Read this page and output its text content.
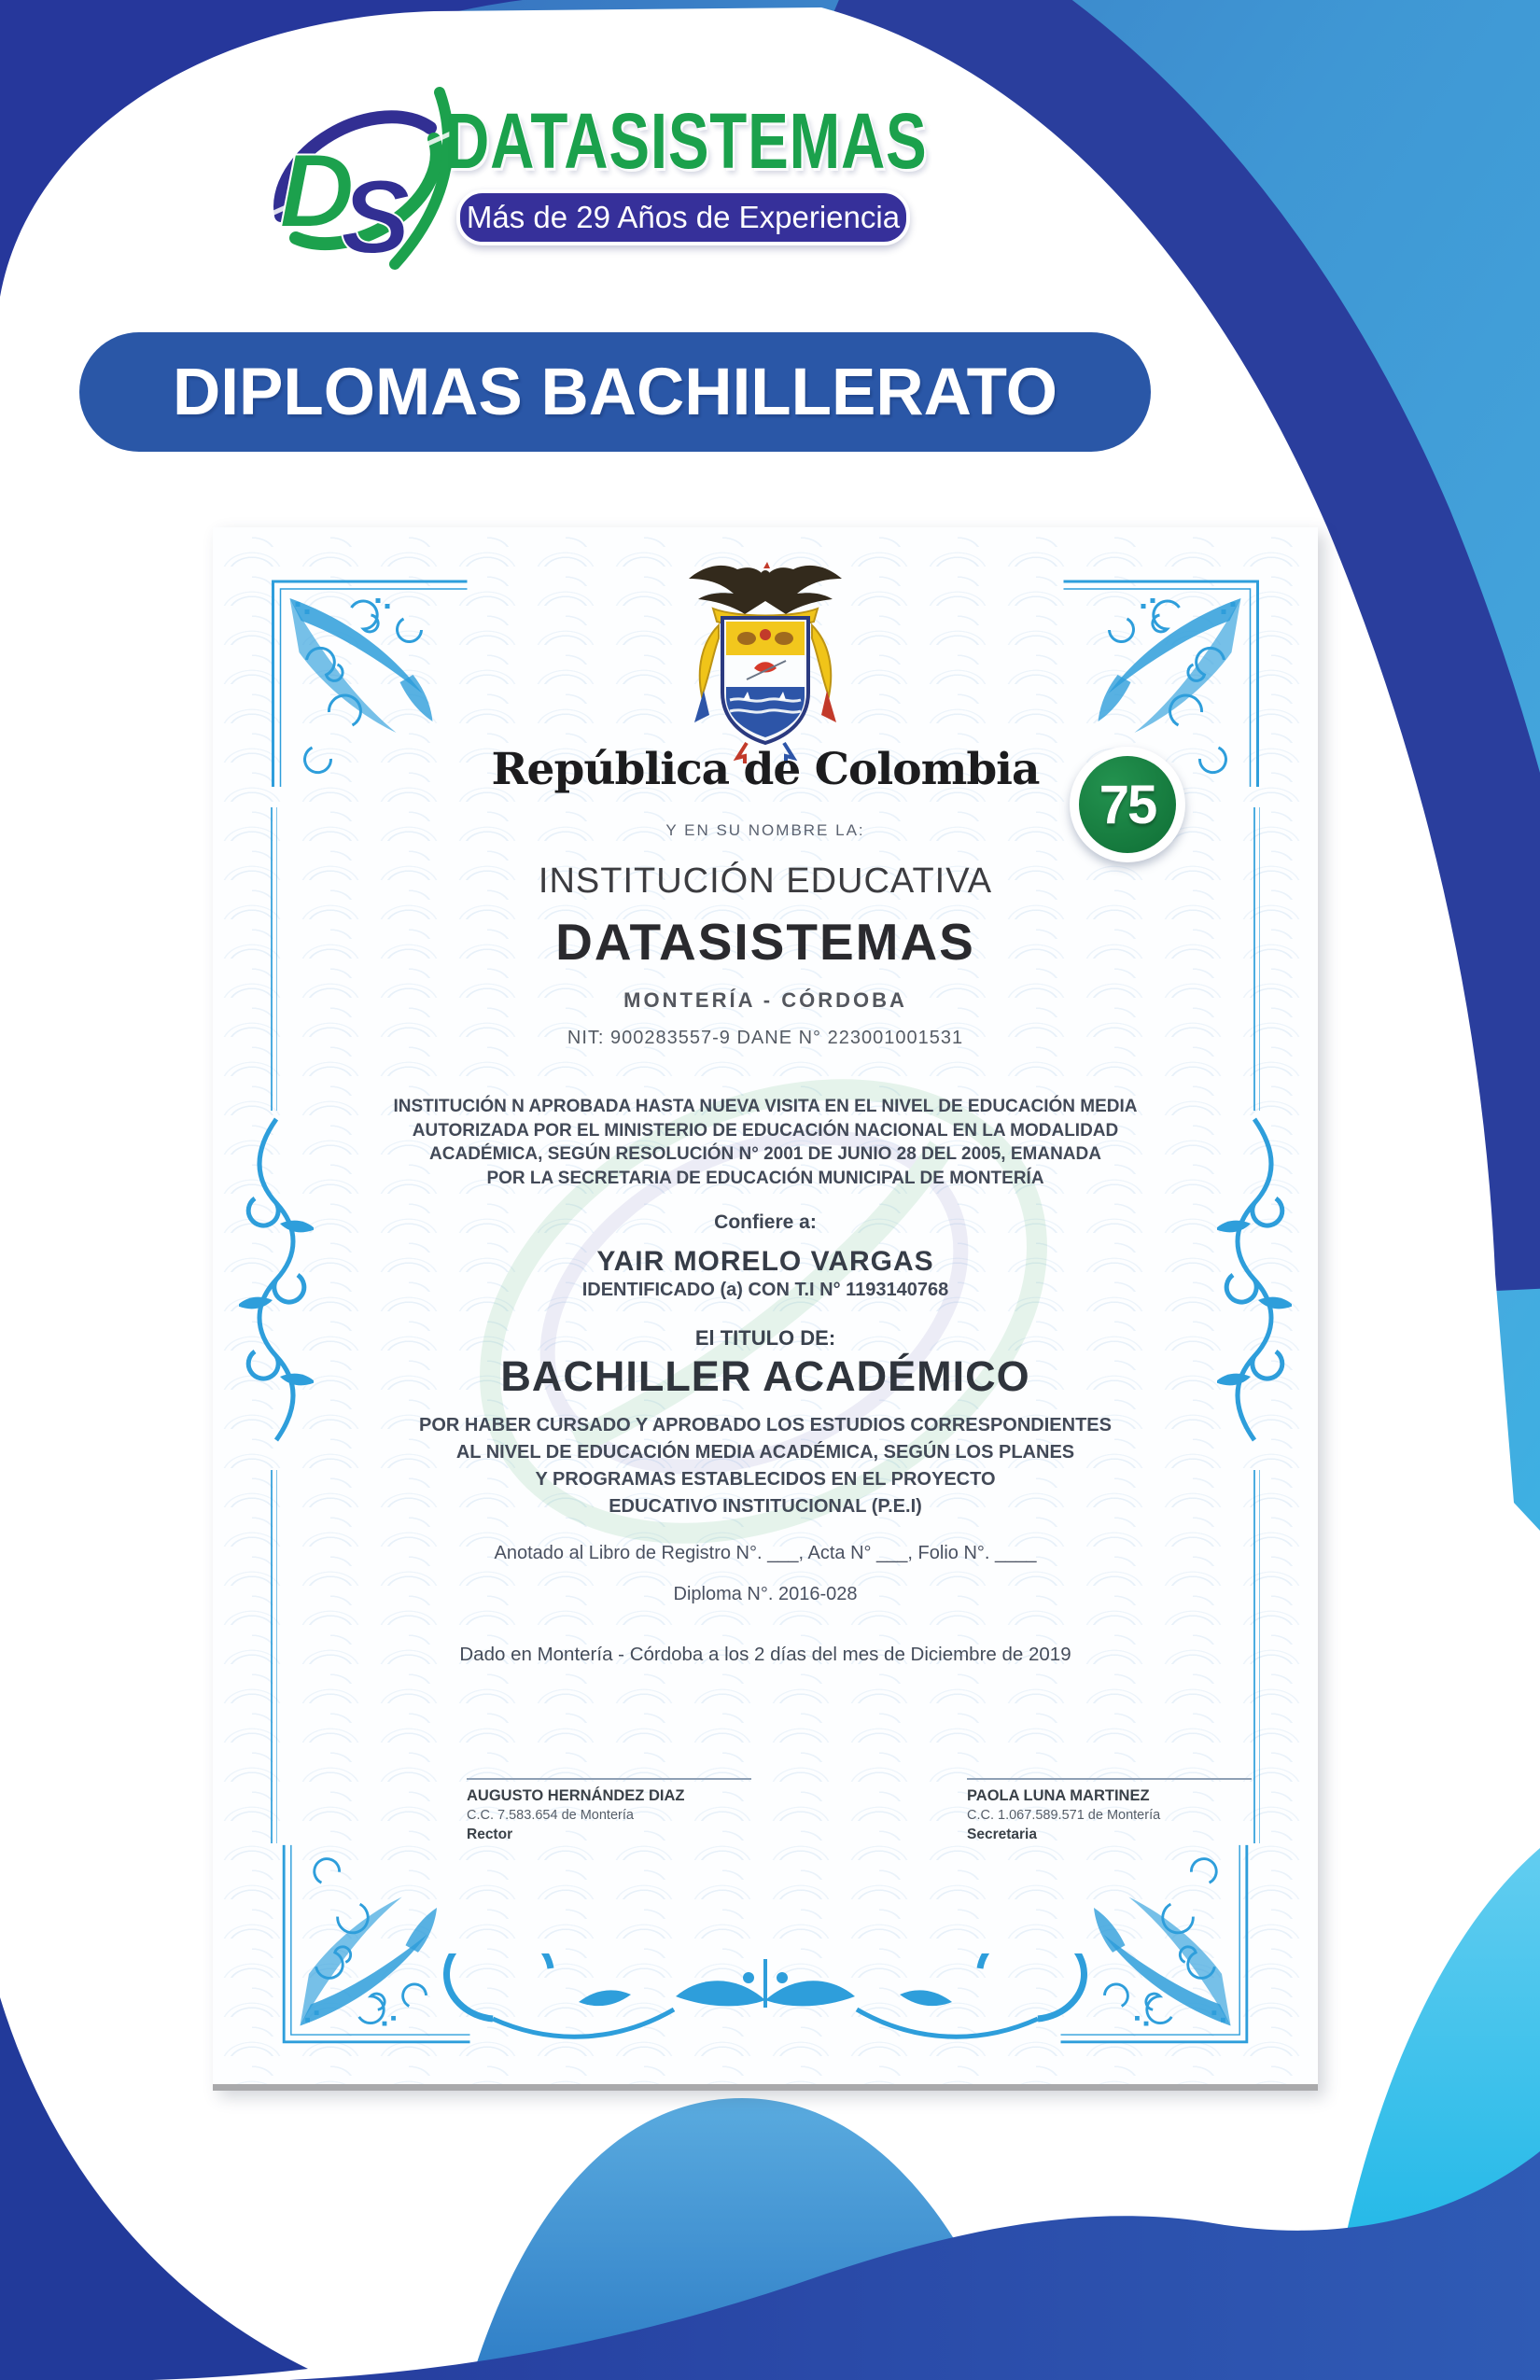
D
S
DATASISTEMAS
Más de 29 Años de Experiencia
DIPLOMAS BACHILLERATO
República de Colombia
Y EN SU NOMBRE LA:
INSTITUCIÓN EDUCATIVA
DATASISTEMAS
MONTERÍA - CÓRDOBA
NIT: 900283557-9 DANE N° 223001001531
INSTITUCIÓN N APROBADA HASTA NUEVA VISITA EN EL NIVEL DE EDUCACIÓN MEDIA
AUTORIZADA POR EL MINISTERIO DE EDUCACIÓN NACIONAL EN LA MODALIDAD
ACADÉMICA, SEGÚN RESOLUCIÓN N° 2001 DE JUNIO 28 DEL 2005, EMANADA
POR LA SECRETARIA DE EDUCACIÓN MUNICIPAL DE MONTERÍA
Confiere a:
YAIR MORELO VARGAS
IDENTIFICADO (a) CON T.I N° 1193140768
El TITULO DE:
BACHILLER ACADÉMICO
POR HABER CURSADO Y APROBADO LOS ESTUDIOS CORRESPONDIENTES
AL NIVEL DE EDUCACIÓN MEDIA ACADÉMICA, SEGÚN LOS PLANES
Y PROGRAMAS ESTABLECIDOS EN EL PROYECTO
EDUCATIVO INSTITUCIONAL (P.E.I)
Anotado al Libro de Registro N°. ___, Acta N° ___, Folio N°. ____
Diploma N°. 2016-028
Dado en Montería - Córdoba a los 2 días del mes de Diciembre de 2019
AUGUSTO HERNÁNDEZ DIAZ
C.C. 7.583.654 de Montería
Rector
PAOLA LUNA MARTINEZ
C.C. 1.067.589.571 de Montería
Secretaria
75
